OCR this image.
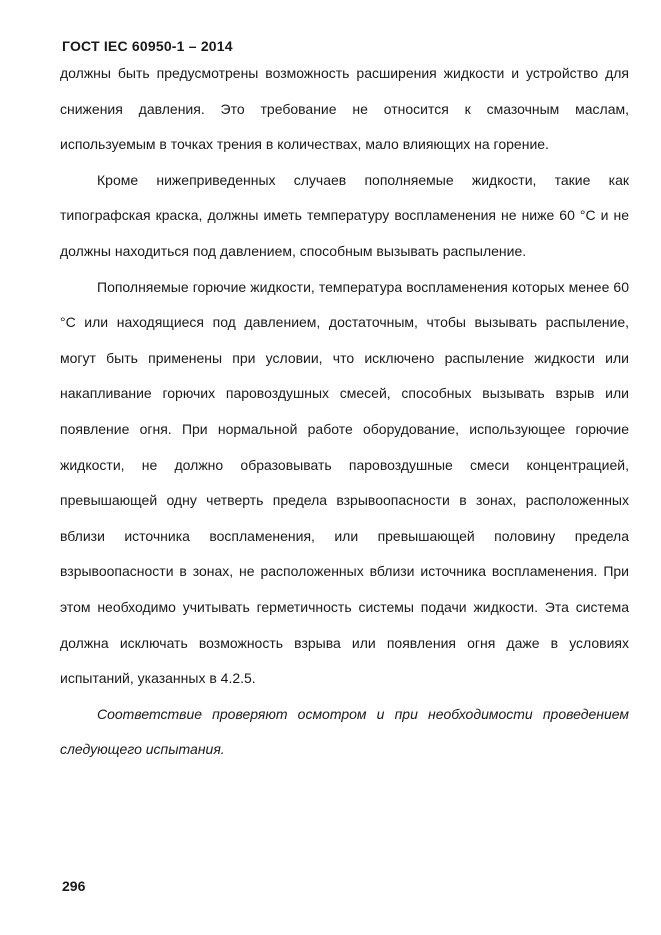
ГОСТ IEC 60950-1 – 2014

должны быть предусмотрены возможность расширения жидкости и устройство для снижения давления. Это требование не относится к смазочным маслам, используемым в точках трения в количествах, мало влияющих на горение.

Кроме нижеприведенных случаев пополняемые жидкости, такие как типографская краска, должны иметь температуру воспламенения не ниже 60 °С и не должны находиться под давлением, способным вызывать распыление.

Пополняемые горючие жидкости, температура воспламенения которых менее 60 °С или находящиеся под давлением, достаточным, чтобы вызывать распыление, могут быть применены при условии, что исключено распыление жидкости или накапливание горючих паровоздушных смесей, способных вызывать взрыв или появление огня. При нормальной работе оборудование, использующее горючие жидкости, не должно образовывать паровоздушные смеси концентрацией, превышающей одну четверть предела взрывоопасности в зонах, расположенных вблизи источника воспламенения, или превышающей половину предела взрывоопасности в зонах, не расположенных вблизи источника воспламенения. При этом необходимо учитывать герметичность системы подачи жидкости. Эта система должна исключать возможность взрыва или появления огня даже в условиях испытаний, указанных в 4.2.5.

Соответствие проверяют осмотром и при необходимости проведением следующего испытания.

296
